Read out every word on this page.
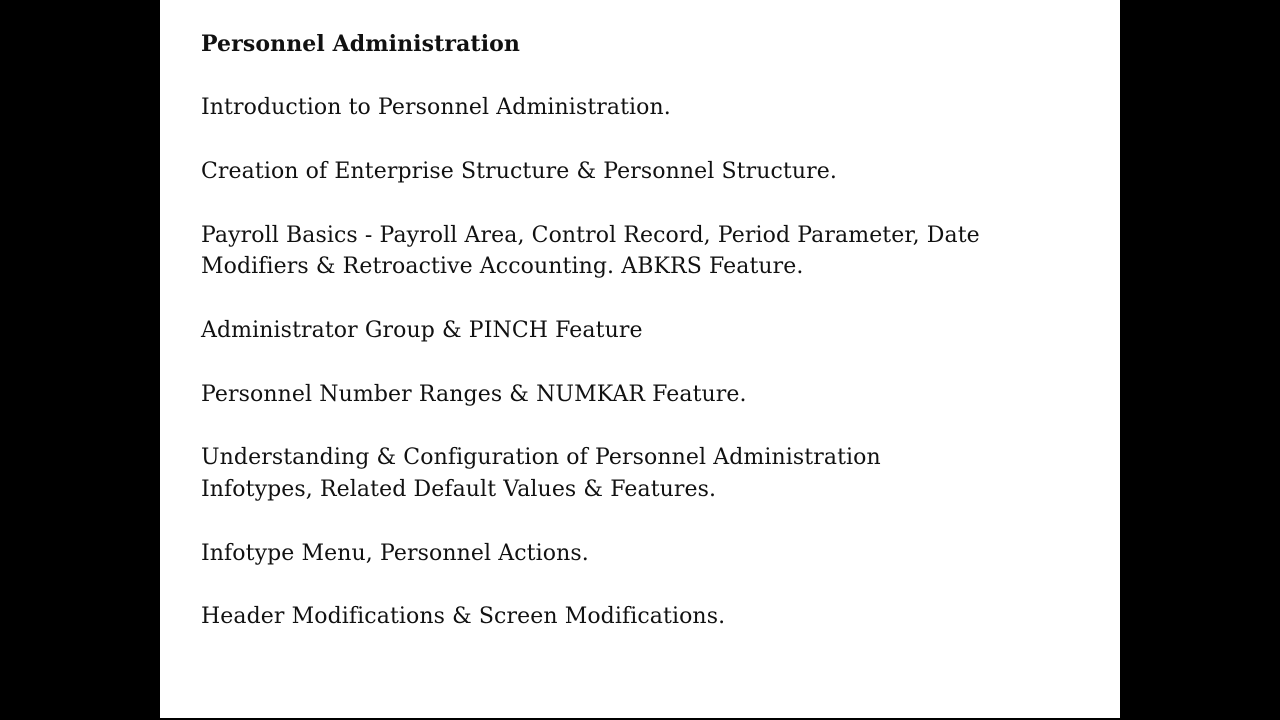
Personnel Administration

Introduction to Personnel Administration.

Creation of Enterprise Structure & Personnel Structure.

Payroll Basics - Payroll Area, Control Record, Period Parameter, Date

Modifiers & Retroactive Accounting. ABKRS Feature.

Administrator Group & PINCH Feature

Personnel Number Ranges & NUMKAR Feature.

Understanding & Configuration of Personnel Administration

Infotypes, Related Default Values & Features.

Infotype Menu, Personnel Actions.

Header Modifications & Screen Modifications.
